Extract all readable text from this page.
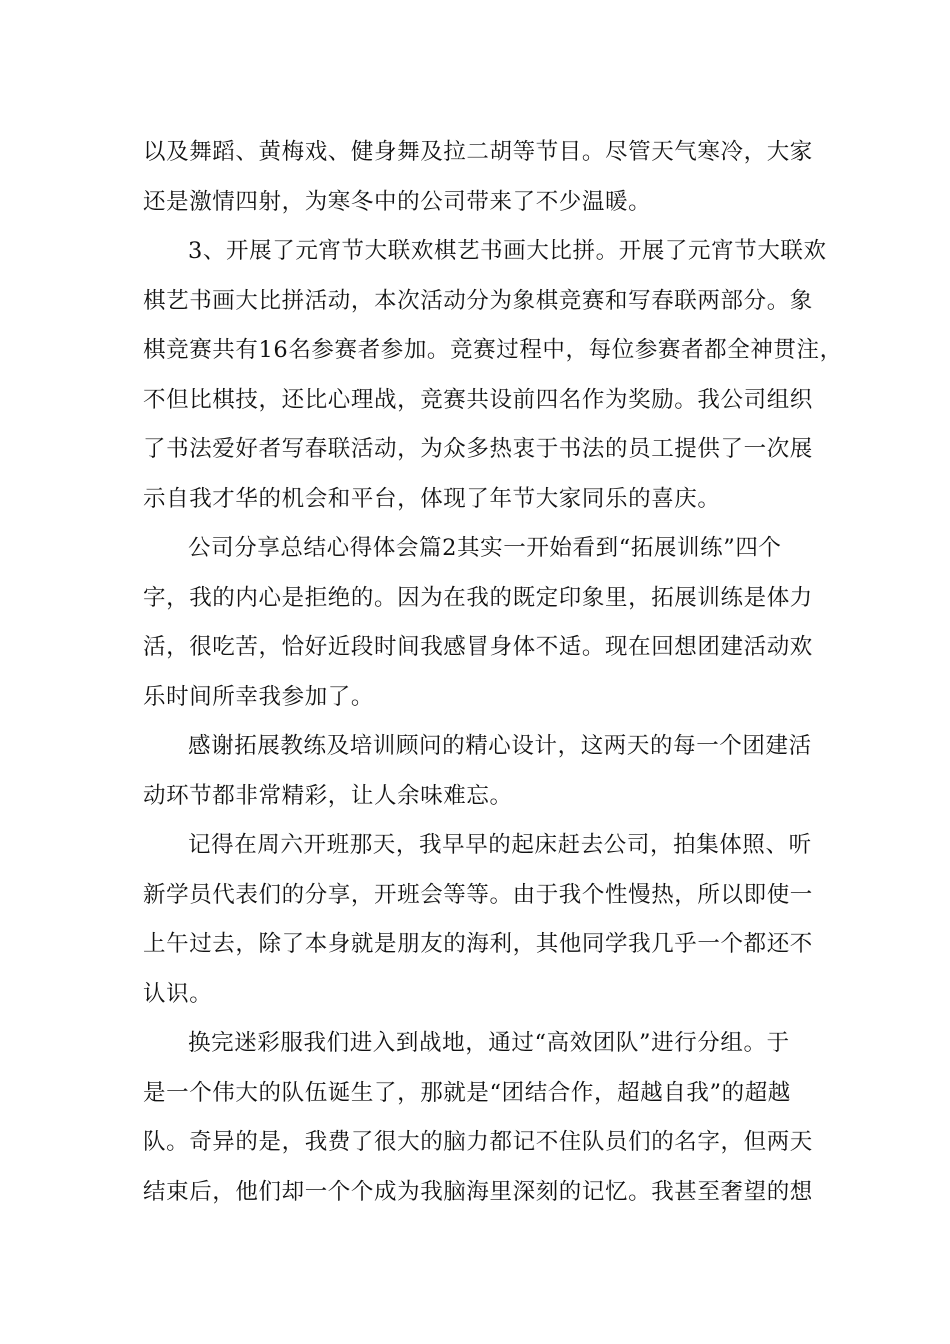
以及舞蹈、黄梅戏、健身舞及拉二胡等节目。尽管天气寒冷，大家
还是激情四射，为寒冬中的公司带来了不少温暖。
3、开展了元宵节大联欢棋艺书画大比拼。开展了元宵节大联欢
棋艺书画大比拼活动，本次活动分为象棋竞赛和写春联两部分。象
棋竞赛共有16名参赛者参加。竞赛过程中，每位参赛者都全神贯注，
不但比棋技，还比心理战，竞赛共设前四名作为奖励。我公司组织
了书法爱好者写春联活动，为众多热衷于书法的员工提供了一次展
示自我才华的机会和平台，体现了年节大家同乐的喜庆。
公司分享总结心得体会篇2其实一开始看到“拓展训练”四个
字，我的内心是拒绝的。因为在我的既定印象里，拓展训练是体力
活，很吃苦，恰好近段时间我感冒身体不适。现在回想团建活动欢
乐时间所幸我参加了。
感谢拓展教练及培训顾问的精心设计，这两天的每一个团建活
动环节都非常精彩，让人余味难忘。
记得在周六开班那天，我早早的起床赶去公司，拍集体照、听
新学员代表们的分享，开班会等等。由于我个性慢热，所以即使一
上午过去，除了本身就是朋友的海利，其他同学我几乎一个都还不
认识。
换完迷彩服我们进入到战地，通过“高效团队”进行分组。于
是一个伟大的队伍诞生了，那就是“团结合作，超越自我”的超越
队。奇异的是，我费了很大的脑力都记不住队员们的名字，但两天
结束后，他们却一个个成为我脑海里深刻的记忆。我甚至奢望的想
